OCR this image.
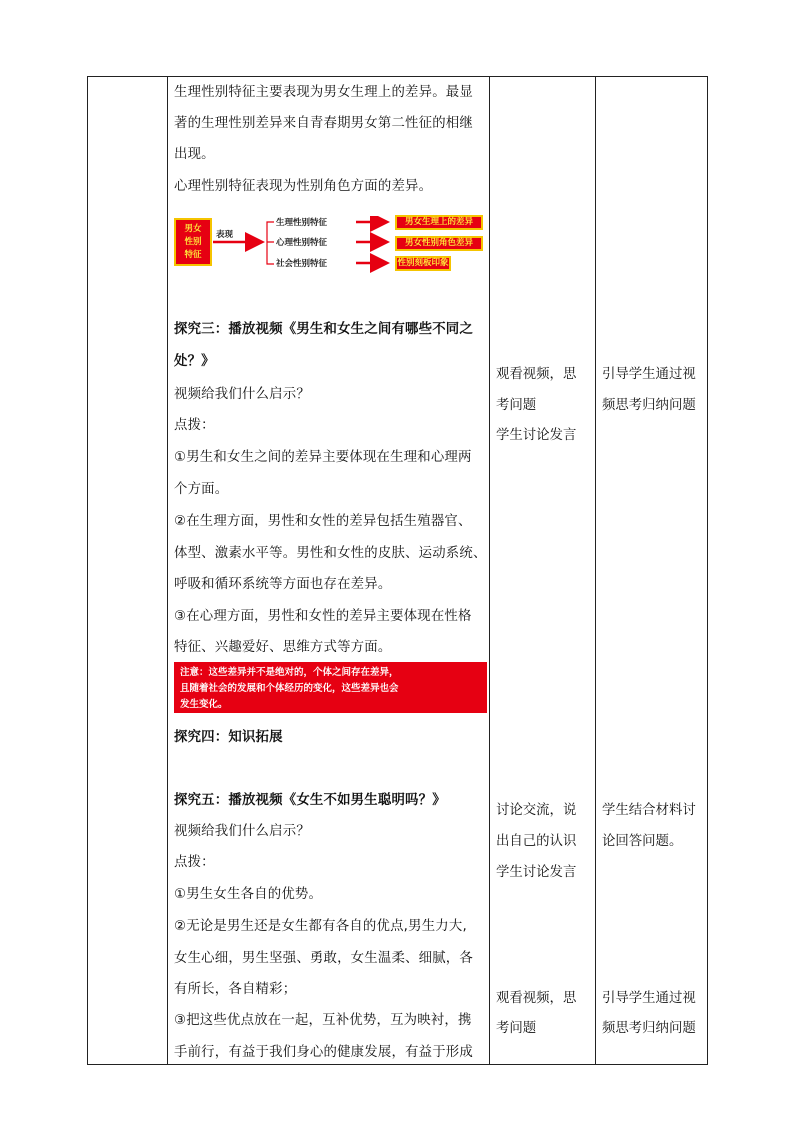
生理性别特征主要表现为男女生理上的差异。最显
著的生理性别差异来自青春期男女第二性征的相继
出现。
心理性别特征表现为性别角色方面的差异。
男女
性别
特征
表现
生理性别特征
心理性别特征
社会性别特征
男女生理上的差异
男女性别角色差异
性别刻板印象
探究三：播放视频《男生和女生之间有哪些不同之
处？》
视频给我们什么启示？
点拨：
①男生和女生之间的差异主要体现在生理和心理两
个方面。
②在生理方面，男性和女性的差异包括生殖器官、
体型、激素水平等。男性和女性的皮肤、运动系统、
呼吸和循环系统等方面也存在差异。
③在心理方面，男性和女性的差异主要体现在性格
特征、兴趣爱好、思维方式等方面。
注意：这些差异并不是绝对的，个体之间存在差异，
且随着社会的发展和个体经历的变化，这些差异也会
发生变化。
探究四：知识拓展
探究五：播放视频《女生不如男生聪明吗？》
视频给我们什么启示？
点拨：
①男生女生各自的优势。
②无论是男生还是女生都有各自的优点,男生力大,
女生心细，男生坚强、勇敢，女生温柔、细腻，各
有所长，各自精彩；
③把这些优点放在一起，互补优势，互为映衬，携
手前行，有益于我们身心的健康发展，有益于形成
观看视频，思
考问题
学生讨论发言
讨论交流，说
出自己的认识
学生讨论发言
观看视频，思
考问题
引导学生通过视
频思考归纳问题
学生结合材料讨
论回答问题。
引导学生通过视
频思考归纳问题
